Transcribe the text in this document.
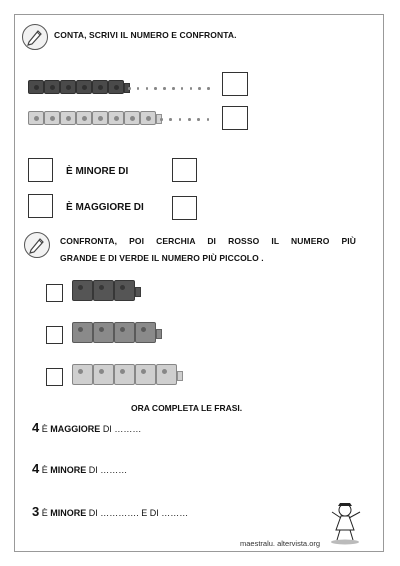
CONTA, SCRIVI IL NUMERO E CONFRONTA.
È MINORE DI
È MAGGIORE DI
CONFRONTA, POI CERCHIA DI ROSSO IL NUMERO PIÙ
GRANDE E DI VERDE IL NUMERO PIÙ PICCOLO .
ORA COMPLETA LE FRASI.
4 È MAGGIORE DI ………
4 È MINORE DI ………
3 È MINORE DI …………. E DI ………
maestralu. altervista.org
